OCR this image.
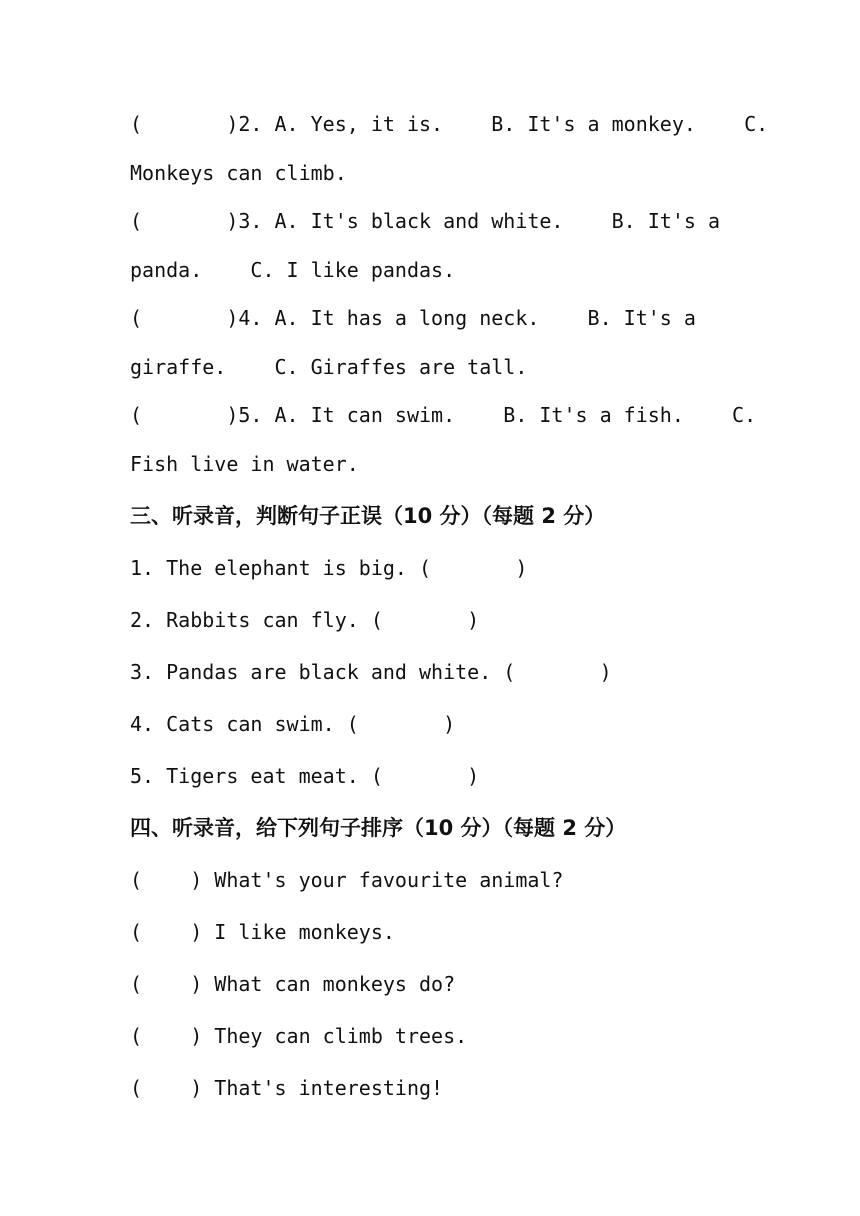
(       )2. A. Yes, it is.    B. It's a monkey.    C.
Monkeys can climb.
(       )3. A. It's black and white.    B. It's a
panda.    C. I like pandas.
(       )4. A. It has a long neck.    B. It's a
giraffe.    C. Giraffes are tall.
(       )5. A. It can swim.    B. It's a fish.    C.
Fish live in water.
三、听录音，判断句子正误（10 分）（每题 2 分）
1. The elephant is big. (       )
2. Rabbits can fly. (       )
3. Pandas are black and white. (       )
4. Cats can swim. (       )
5. Tigers eat meat. (       )
四、听录音，给下列句子排序（10 分）（每题 2 分）
(    ) What's your favourite animal?
(    ) I like monkeys.
(    ) What can monkeys do?
(    ) They can climb trees.
(    ) That's interesting!
